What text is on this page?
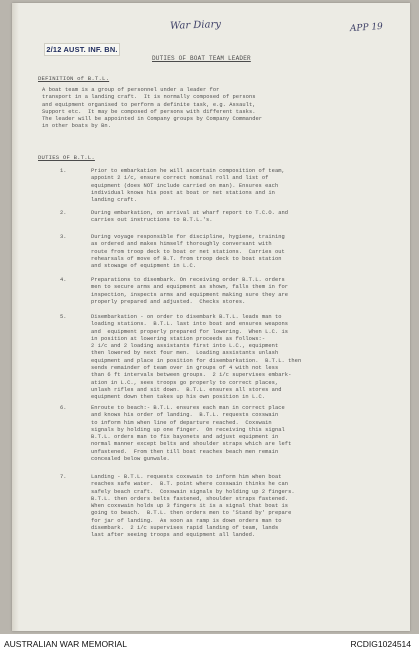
War Diary	APP 19
2/12 AUST. INF. BN.
DUTIES OF BOAT TEAM LEADER
DEFINITION of B.T.L.
A boat team is a group of personnel under a leader for
transport in a landing craft.  It is normally composed of persons
and equipment organised to perform a definite task, e.g. Assault,
Support etc.  It may be composed of persons with different tasks.
The leader will be appointed in Company groups by Company Commander
in other boats by Bn.
DUTIES OF B.T.L.
1.	Prior to embarkation he will ascertain composition of team,
appoint 2 i/c, ensure correct nominal roll and list of
equipment (does NOT include carried on man). Ensures each
individual knows his post at boat or net stations and in
landing craft.
2.	During embarkation, on arrival at wharf report to T.C.O. and
carries out instructions to B.T.L.'s.
3.	During voyage responsible for discipline, hygiene, training
as ordered and makes himself thoroughly conversant with
route from troop deck to boat or net stations.  Carries out
rehearsals of move of B.T. from troop deck to boat station
and stowage of equipment in L.C.
4.	Preparations to disembark. On receiving order B.T.L. orders
men to secure arms and equipment as shown, falls them in for
inspection, inspects arms and equipment making sure they are
properly prepared and adjusted.  Checks stores.
5.	Disembarkation - on order to disembark B.T.L. leads man to
loading stations.  B.T.L. last into boat and ensures weapons
and  equipment properly prepared for lowering.  When L.C. is
in position at lowering station proceeds as follows:-
2 i/c and 2 loading assistants first into L.C., equipment
then lowered by next four men.  Loading assistants unlash
equipment and place in position for disembarkation.  B.T.L. then
sends remainder of team over in groups of 4 with not less
than 6 ft intervals between groups.  2 i/c supervises embark-
ation in L.C., sees troops go properly to correct places,
unlash rifles and sit down.  B.T.L. ensures all stores and
equipment down then takes up his own position in L.C.
6.	Enroute to beach:- B.T.L. ensures each man in correct place
and knows his order of landing.  B.T.L. requests coxswain
to inform him when line of departure reached.  Coxswain
signals by holding up one finger.  On receiving this signal
B.T.L. orders man to fix bayonets and adjust equipment in
normal manner except belts and shoulder straps which are left
unfastened.  From then till boat reaches beach men remain
concealed below gunwale.
7.	Landing - B.T.L. requests coxswain to inform him when boat
reaches safe water.  B.T. point where coxswain thinks he can
safely beach craft.  Coxswain signals by holding up 2 fingers.
B.T.L. then orders belts fastened, shoulder straps fastened.
When coxswain holds up 3 fingers it is a signal that boat is
going to beach.  B.T.L. then orders men to 'Stand by' prepare
for jar of landing.  As soon as ramp is down orders man to
disembark.  2 i/c supervises rapid landing of team, lands
last after seeing troops and equipment all landed.
AUSTRALIAN WAR MEMORIAL	RCDIG1024514
